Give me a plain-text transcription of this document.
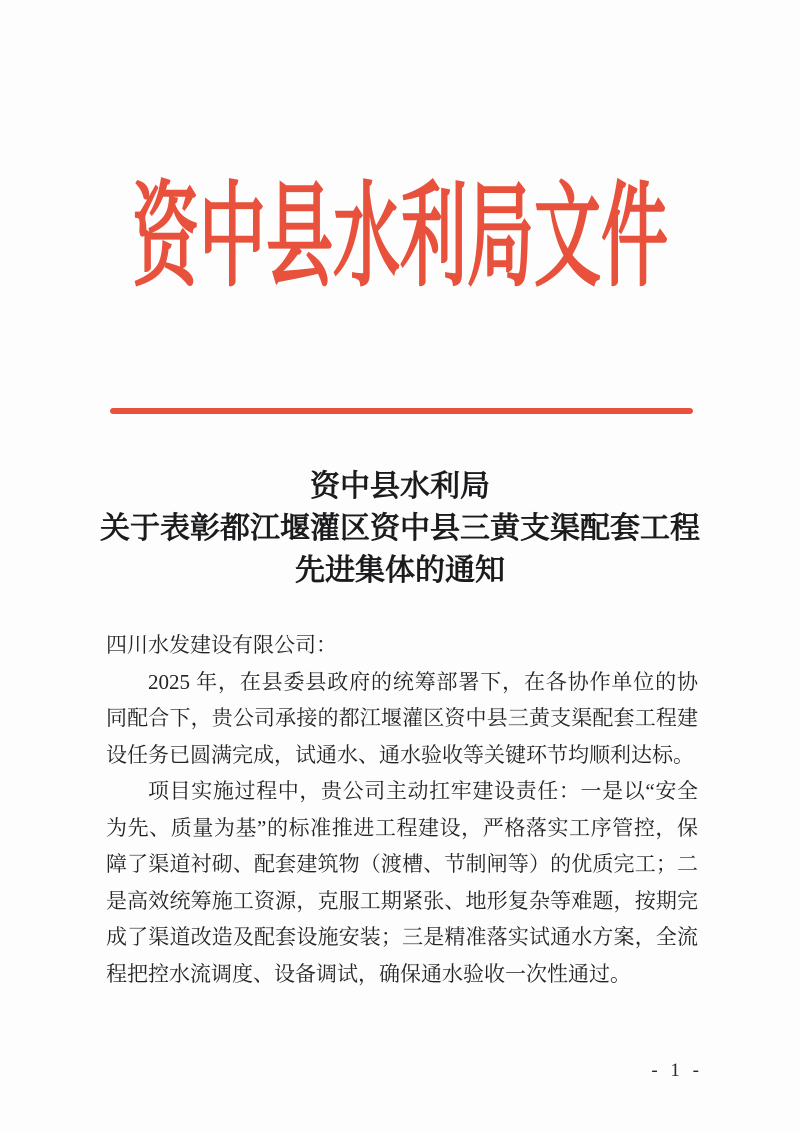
资中县水利局文件
资中县水利局
关于表彰都江堰灌区资中县三黄支渠配套工程
先进集体的通知

四川水发建设有限公司：

2025 年，在县委县政府的统筹部署下，在各协作单位的协同配合下，贵公司承接的都江堰灌区资中县三黄支渠配套工程建设任务已圆满完成，试通水、通水验收等关键环节均顺利达标。

项目实施过程中，贵公司主动扛牢建设责任：一是以“安全为先、质量为基”的标准推进工程建设，严格落实工序管控，保障了渠道衬砌、配套建筑物（渡槽、节制闸等）的优质完工；二是高效统筹施工资源，克服工期紧张、地形复杂等难题，按期完成了渠道改造及配套设施安装；三是精准落实试通水方案，全流程把控水流调度、设备调试，确保通水验收一次性通过。

- 1 -
